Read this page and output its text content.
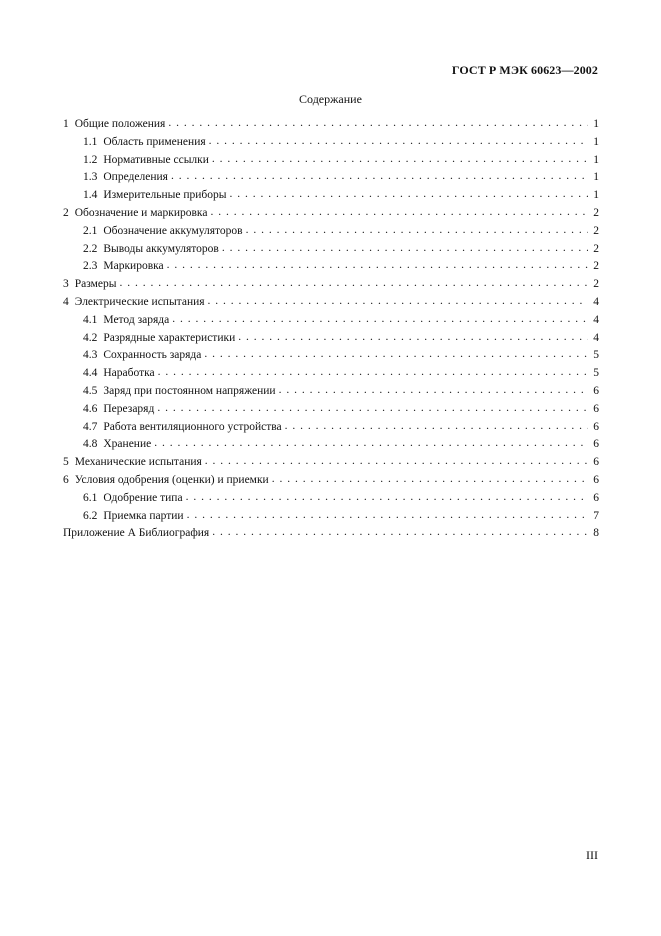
ГОСТ Р МЭК 60623—2002
Содержание
1 Общие положения . . .	1
1.1 Область применения . . .	1
1.2 Нормативные ссылки . . .	1
1.3 Определения . . .	1
1.4 Измерительные приборы . . .	1
2 Обозначение и маркировка . . .	2
2.1 Обозначение аккумуляторов . . .	2
2.2 Выводы аккумуляторов . . .	2
2.3 Маркировка . . .	2
3 Размеры . . .	2
4 Электрические испытания . . .	4
4.1 Метод заряда . . .	4
4.2 Разрядные характеристики . . .	4
4.3 Сохранность заряда . . .	5
4.4 Наработка . . .	5
4.5 Заряд при постоянном напряжении . . .	6
4.6 Перезаряд . . .	6
4.7 Работа вентиляционного устройства . . .	6
4.8 Хранение . . .	6
5 Механические испытания . . .	6
6 Условия одобрения (оценки) и приемки . . .	6
6.1 Одобрение типа . . .	6
6.2 Приемка партии . . .	7
Приложение А Библиография . . .	8
III
